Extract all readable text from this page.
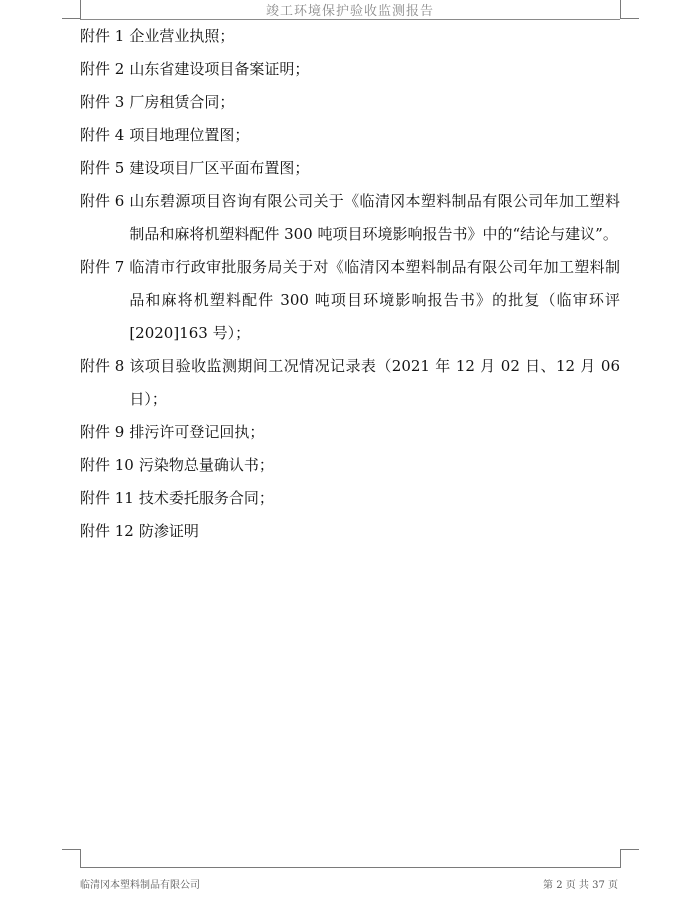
竣工环境保护验收监测报告
附件 1 企业营业执照；
附件 2 山东省建设项目备案证明；
附件 3 厂房租赁合同；
附件 4 项目地理位置图；
附件 5 建设项目厂区平面布置图；
附件 6 山东碧源项目咨询有限公司关于《临清冈本塑料制品有限公司年加工塑料制品和麻将机塑料配件 300 吨项目环境影响报告书》中的“结论与建议”。
附件 7 临清市行政审批服务局关于对《临清冈本塑料制品有限公司年加工塑料制品和麻将机塑料配件 300 吨项目环境影响报告书》的批复（临审环评[2020]163 号）；
附件 8 该项目验收监测期间工况情况记录表（2021 年 12 月 02 日、12 月 06 日）；
附件 9 排污许可登记回执；
附件 10 污染物总量确认书；
附件 11 技术委托服务合同；
附件 12 防渗证明
临清冈本塑料制品有限公司	第 2 页 共 37 页
